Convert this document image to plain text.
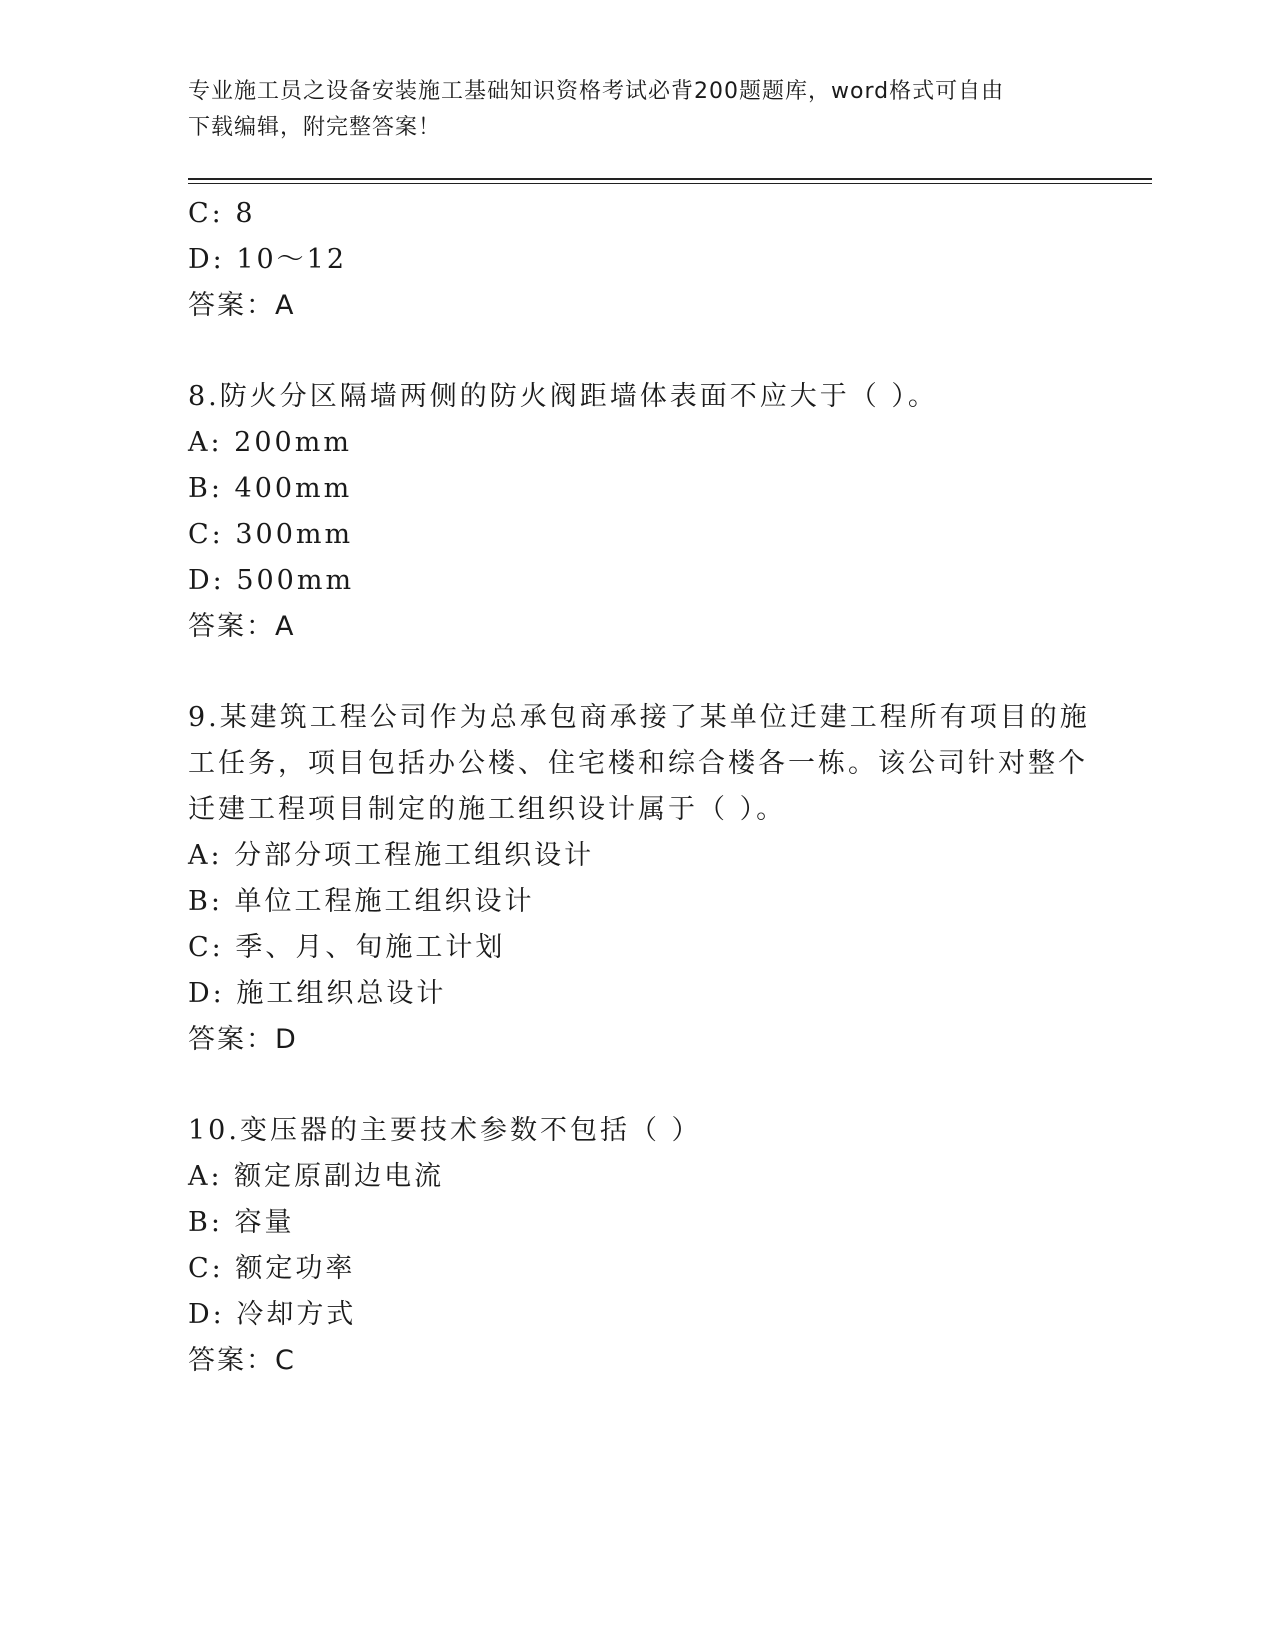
专业施工员之设备安装施工基础知识资格考试必背200题题库，word格式可自由
下载编辑，附完整答案！
C: 8
D: 10～12
答案：A
8.防火分区隔墙两侧的防火阀距墙体表面不应大于（ ）。
A: 200mm
B: 400mm
C: 300mm
D: 500mm
答案：A
9.某建筑工程公司作为总承包商承接了某单位迁建工程所有项目的施
工任务，项目包括办公楼、住宅楼和综合楼各一栋。该公司针对整个
迁建工程项目制定的施工组织设计属于（ ）。
A: 分部分项工程施工组织设计
B: 单位工程施工组织设计
C: 季、月、旬施工计划
D: 施工组织总设计
答案：D
10.变压器的主要技术参数不包括（ ）
A: 额定原副边电流
B: 容量
C: 额定功率
D: 冷却方式
答案：C
